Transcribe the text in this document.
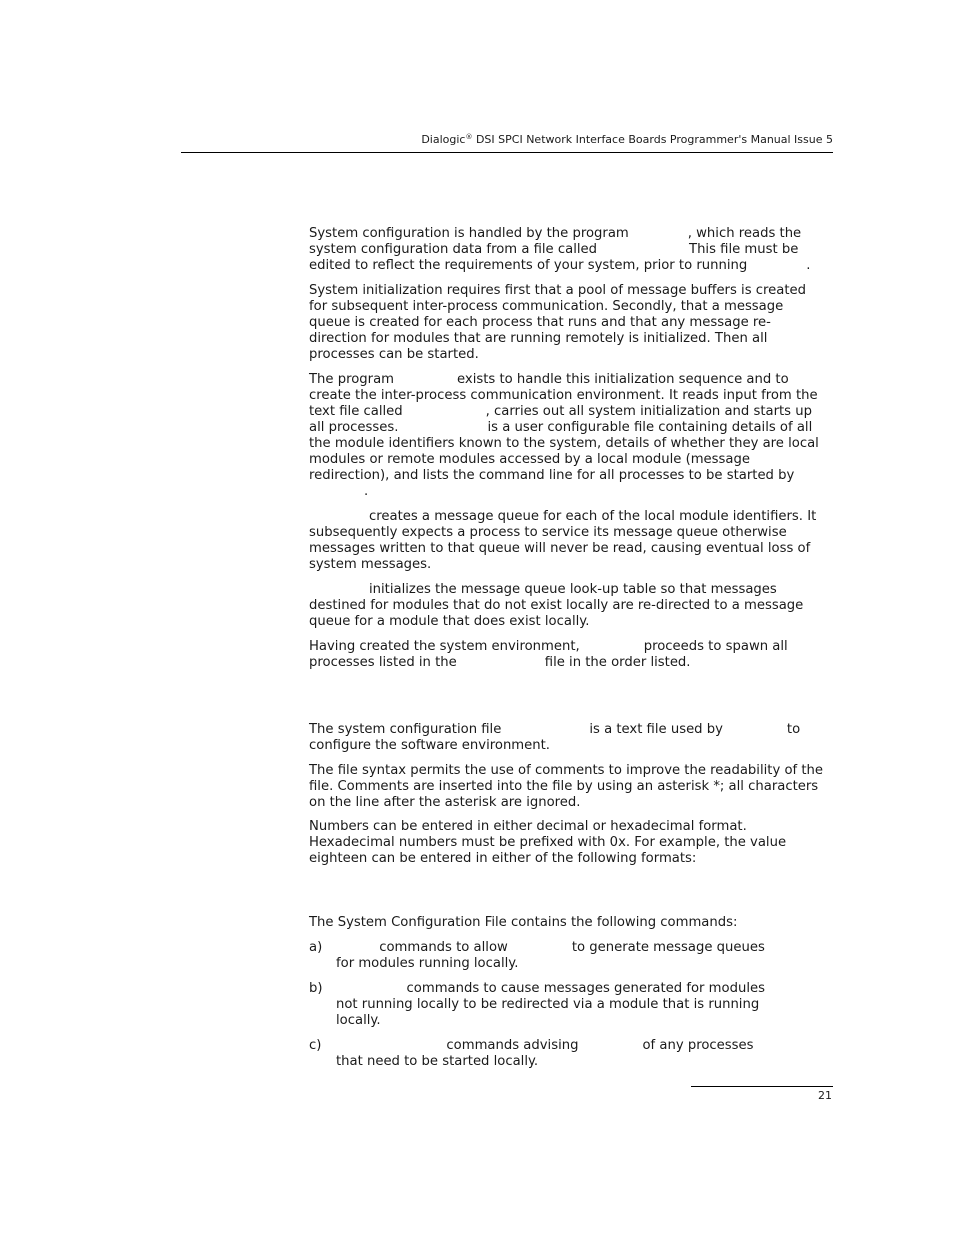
Dialogic® DSI SPCI Network Interface Boards Programmer's Manual Issue 5
System configuration is handled by the program	, which reads the
system configuration data from a file called	This file must be
edited to reflect the requirements of your system, prior to running	.
System initialization requires first that a pool of message buffers is created
for subsequent inter-process communication. Secondly, that a message
queue is created for each process that runs and that any message re-
direction for modules that are running remotely is initialized. Then all
processes can be started.
The program	exists to handle this initialization sequence and to
create the inter-process communication environment. It reads input from the
text file called	, carries out all system initialization and starts up
all processes.	is a user configurable file containing details of all
the module identifiers known to the system, details of whether they are local
modules or remote modules accessed by a local module (message
redirection), and lists the command line for all processes to be started by
.
creates a message queue for each of the local module identifiers. It
subsequently expects a process to service its message queue otherwise
messages written to that queue will never be read, causing eventual loss of
system messages.
initializes the message queue look-up table so that messages
destined for modules that do not exist locally are re-directed to a message
queue for a module that does exist locally.
Having created the system environment,	proceeds to spawn all
processes listed in the	file in the order listed.
The system configuration file	is a text file used by	to
configure the software environment.
The file syntax permits the use of comments to improve the readability of the
file. Comments are inserted into the file by using an asterisk *; all characters
on the line after the asterisk are ignored.
Numbers can be entered in either decimal or hexadecimal format.
Hexadecimal numbers must be prefixed with 0x. For example, the value
eighteen can be entered in either of the following formats:
The System Configuration File contains the following commands:
a)	commands to allow	to generate message queues
for modules running locally.
b)	commands to cause messages generated for modules
not running locally to be redirected via a module that is running
locally.
c)	commands advising	of any processes
that need to be started locally.
21
